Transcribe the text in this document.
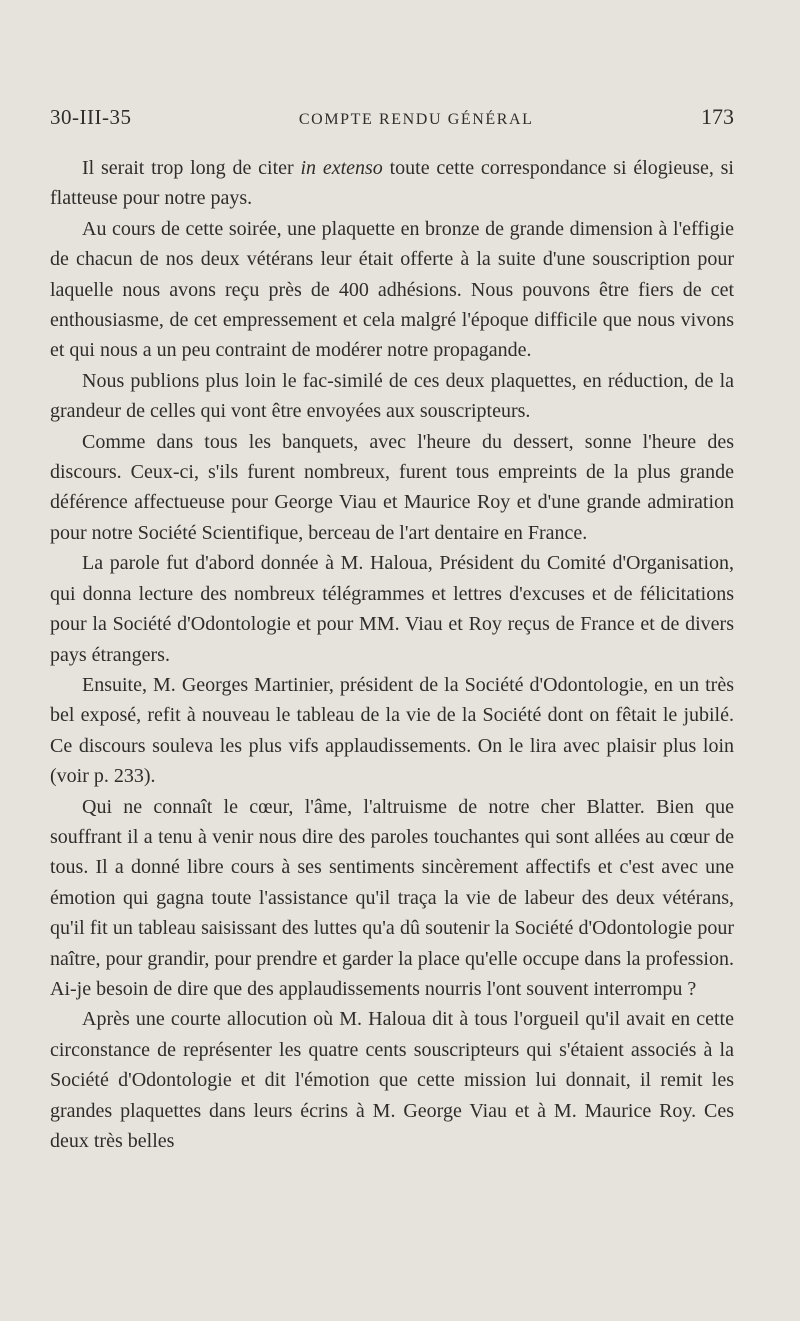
30-III-35	COMPTE RENDU GÉNÉRAL	173

Il serait trop long de citer in extenso toute cette correspondance si élogieuse, si flatteuse pour notre pays.

Au cours de cette soirée, une plaquette en bronze de grande dimension à l'effigie de chacun de nos deux vétérans leur était offerte à la suite d'une souscription pour laquelle nous avons reçu près de 400 adhésions. Nous pouvons être fiers de cet enthousiasme, de cet empressement et cela malgré l'époque difficile que nous vivons et qui nous a un peu contraint de modérer notre propagande.

Nous publions plus loin le fac-similé de ces deux plaquettes, en réduction, de la grandeur de celles qui vont être envoyées aux souscripteurs.

Comme dans tous les banquets, avec l'heure du dessert, sonne l'heure des discours. Ceux-ci, s'ils furent nombreux, furent tous empreints de la plus grande déférence affectueuse pour George Viau et Maurice Roy et d'une grande admiration pour notre Société Scientifique, berceau de l'art dentaire en France.

La parole fut d'abord donnée à M. Haloua, Président du Comité d'Organisation, qui donna lecture des nombreux télégrammes et lettres d'excuses et de félicitations pour la Société d'Odontologie et pour MM. Viau et Roy reçus de France et de divers pays étrangers.

Ensuite, M. Georges Martinier, président de la Société d'Odontologie, en un très bel exposé, refit à nouveau le tableau de la vie de la Société dont on fêtait le jubilé. Ce discours souleva les plus vifs applaudissements. On le lira avec plaisir plus loin (voir p. 233).

Qui ne connaît le cœur, l'âme, l'altruisme de notre cher Blatter. Bien que souffrant il a tenu à venir nous dire des paroles touchantes qui sont allées au cœur de tous. Il a donné libre cours à ses sentiments sincèrement affectifs et c'est avec une émotion qui gagna toute l'assistance qu'il traça la vie de labeur des deux vétérans, qu'il fit un tableau saisissant des luttes qu'a dû soutenir la Société d'Odontologie pour naître, pour grandir, pour prendre et garder la place qu'elle occupe dans la profession. Ai-je besoin de dire que des applaudissements nourris l'ont souvent interrompu ?

Après une courte allocution où M. Haloua dit à tous l'orgueil qu'il avait en cette circonstance de représenter les quatre cents souscripteurs qui s'étaient associés à la Société d'Odontologie et dit l'émotion que cette mission lui donnait, il remit les grandes plaquettes dans leurs écrins à M. George Viau et à M. Maurice Roy. Ces deux très belles
